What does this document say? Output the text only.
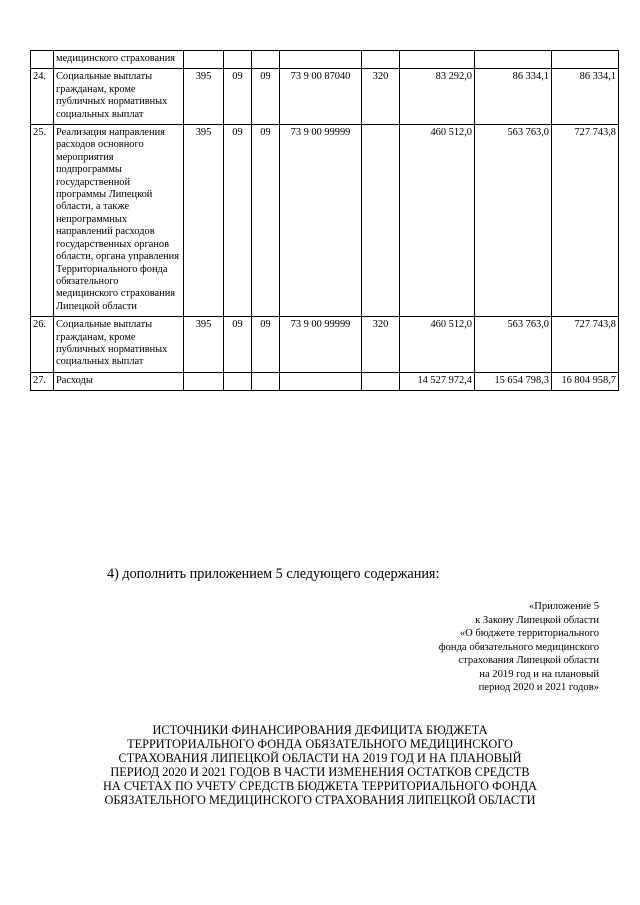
	медицинского страхования								
24.	Социальные выплаты гражданам, кроме публичных нормативных социальных выплат	395	09	09	73 9 00 87040	320	83 292,0	86 334,1	86 334,1
25.	Реализация направления расходов основного мероприятия подпрограммы государственной программы Липецкой области, а также непрограммных направлений расходов государственных органов области, органа управления Территориального фонда обязательного медицинского страхования Липецкой области	395	09	09	73 9 00 99999		460 512,0	563 763,0	727 743,8
26.	Социальные выплаты гражданам, кроме публичных нормативных социальных выплат	395	09	09	73 9 00 99999	320	460 512,0	563 763,0	727 743,8
27.	Расходы						14 527 972,4	15 654 798,3	16 804 958,7
4) дополнить приложением 5 следующего содержания:
«Приложение 5
к Закону Липецкой области
«О бюджете территориального
фонда обязательного медицинского
страхования Липецкой области
на 2019 год и на плановый
период 2020 и 2021 годов»
ИСТОЧНИКИ ФИНАНСИРОВАНИЯ ДЕФИЦИТА БЮДЖЕТА
ТЕРРИТОРИАЛЬНОГО ФОНДА ОБЯЗАТЕЛЬНОГО МЕДИЦИНСКОГО
СТРАХОВАНИЯ ЛИПЕЦКОЙ ОБЛАСТИ НА 2019 ГОД И НА ПЛАНОВЫЙ
ПЕРИОД 2020 И 2021 ГОДОВ В ЧАСТИ ИЗМЕНЕНИЯ ОСТАТКОВ СРЕДСТВ
НА СЧЕТАХ ПО УЧЕТУ СРЕДСТВ БЮДЖЕТА ТЕРРИТОРИАЛЬНОГО ФОНДА
ОБЯЗАТЕЛЬНОГО МЕДИЦИНСКОГО СТРАХОВАНИЯ ЛИПЕЦКОЙ ОБЛАСТИ
